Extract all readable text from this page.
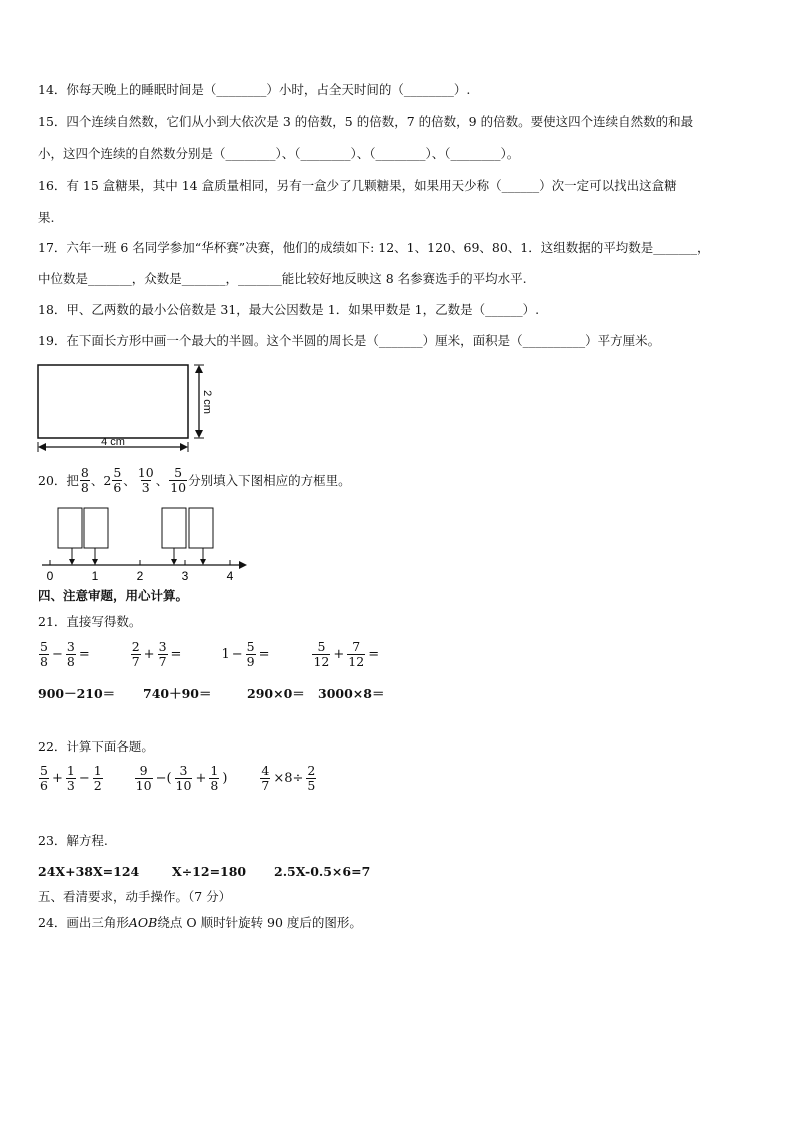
14．你每天晚上的睡眠时间是（________）小时，占全天时间的（________）.
15．四个连续自然数，它们从小到大依次是 3 的倍数，5 的倍数，7 的倍数，9 的倍数。要使这四个连续自然数的和最
小，这四个连续的自然数分别是（________）、（________）、（________）、（________）。
16．有 15 盒糖果，其中 14 盒质量相同，另有一盒少了几颗糖果，如果用天少称（______）次一定可以找出这盒糖
果.
17．六年一班 6 名同学参加“华杯赛”决赛，他们的成绩如下: 12、1、120、69、80、1．这组数据的平均数是_______，
中位数是_______，众数是_______，_______能比较好地反映这 8 名参赛选手的平均水平.
18．甲、乙两数的最小公倍数是 31，最大公因数是 1．如果甲数是 1，乙数是（______）.
19．在下面长方形中画一个最大的半圆。这个半圆的周长是（_______）厘米，面积是（__________）平方厘米。
2 cm
4 cm
20．把 $\frac{8}{8}$ 、$2 \frac{5}{6}$ 、 $\frac{10}{3}$ 、 $\frac{5}{10}$ 分别填入下图相应的方框里。
0	1	2	3	4
四、注意审题，用心计算。
21．直接写得数。
$\frac{5}{8} - \frac{3}{8}$ =	$\frac{2}{7} + \frac{3}{7}$ =	$1 - \frac{5}{9}$ =	$\frac{5}{12} + \frac{7}{12}$ =
900－210＝ 740＋90＝	290×0＝ 3000×8＝
22．计算下面各题。
$\frac{5}{6} + \frac{1}{3} - \frac{1}{2}$	$\frac{9}{10}$ −( $\frac{3}{10} + \frac{1}{8}$ )	$\frac{4}{7} \times 8\div \frac{2}{5}$
23．解方程.
24X+38X=124	X÷12=180 2.5X-0.5×6=7
五、看清要求，动手操作。（7 分）
24．画出三角形AOB绕点 O 顺时针旋转 90 度后的图形。
